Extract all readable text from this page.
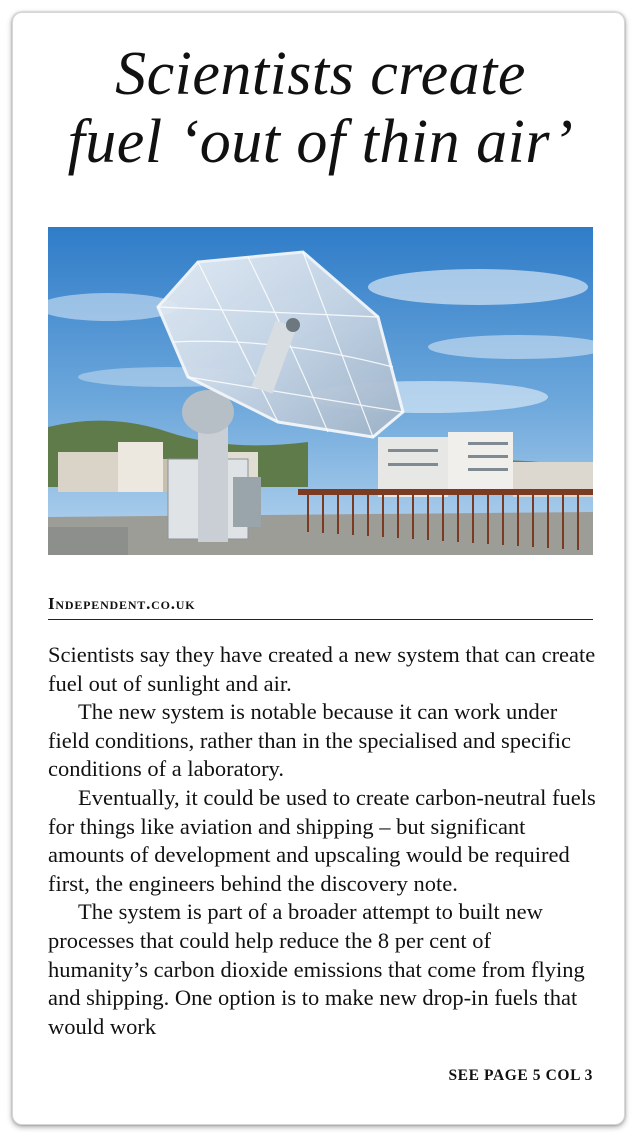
Scientists create
fuel ‘out of thin air’
Independent.co.uk

Scientists say they have created a new system that can create fuel out of sunlight and air.

The new system is notable because it can work under field conditions, rather than in the specialised and specific conditions of a laboratory.

Eventually, it could be used to create carbon-neutral fuels for things like aviation and shipping – but significant amounts of development and upscaling would be required first, the engineers behind the discovery note.

The system is part of a broader attempt to built new processes that could help reduce the 8 per cent of humanity’s carbon dioxide emissions that come from flying and shipping. One option is to make new drop-in fuels that would work

SEE PAGE 5 COL 3
